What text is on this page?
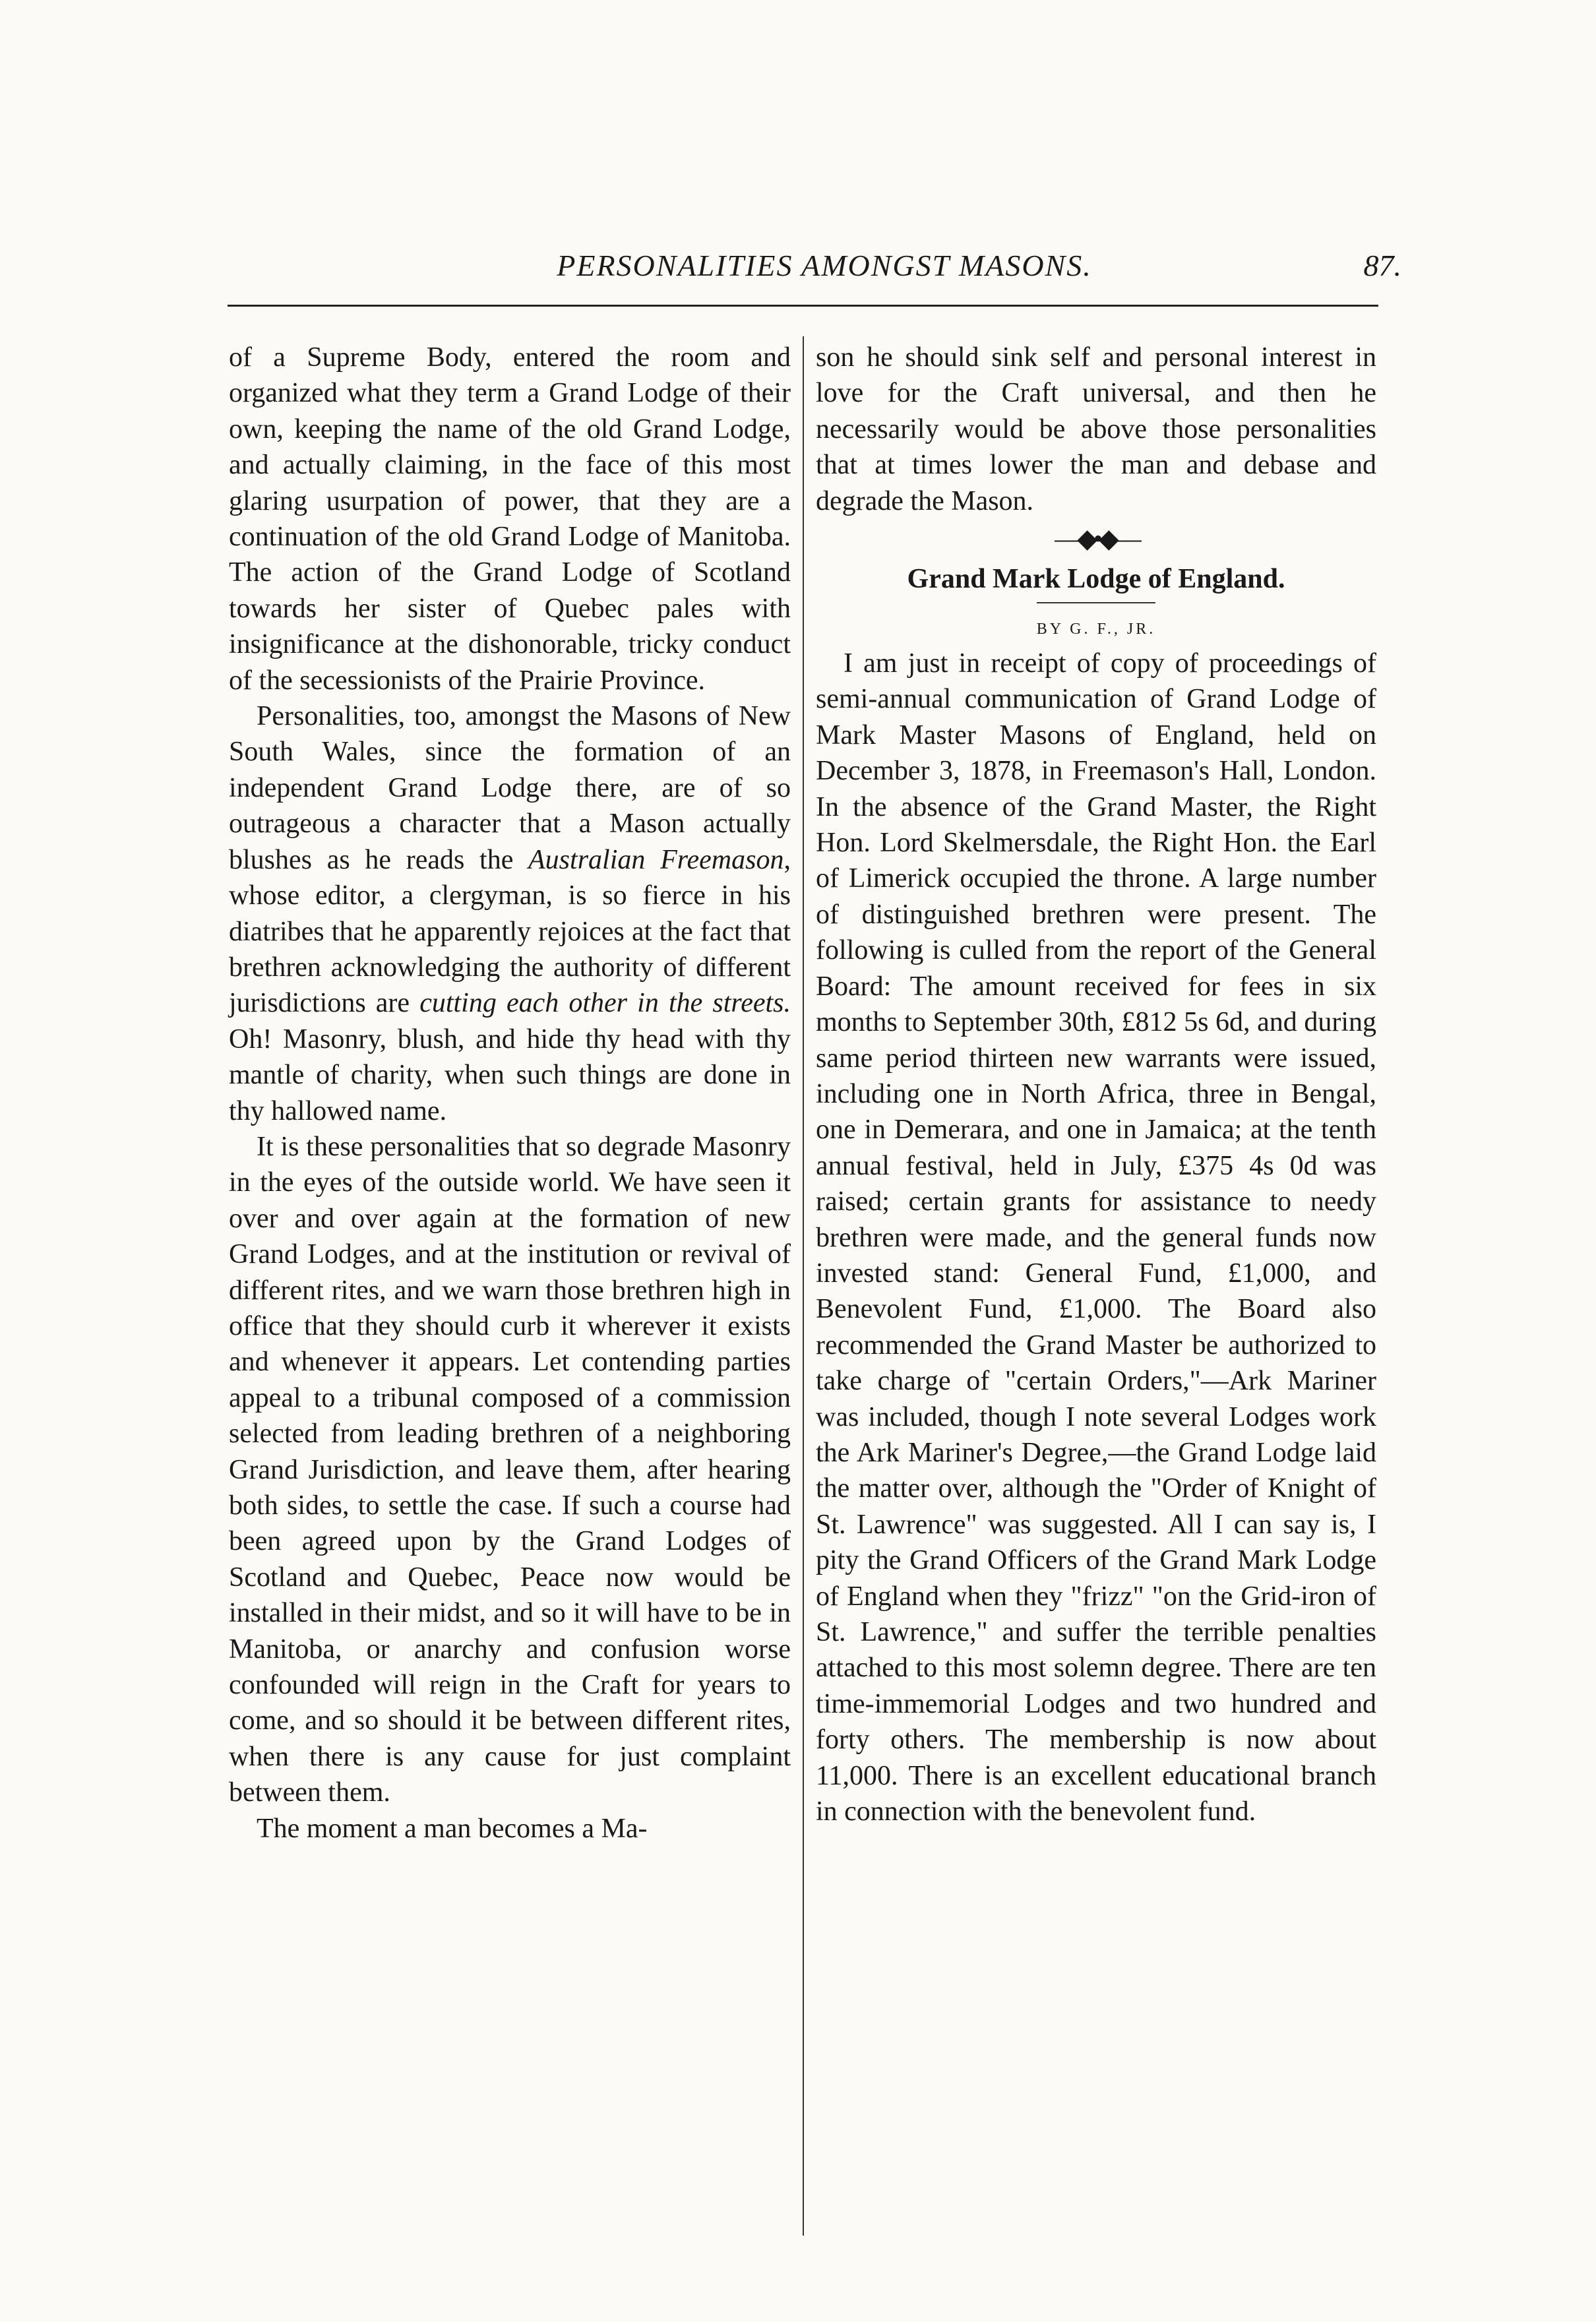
PERSONALITIES AMONGST MASONS.	87.

of a Supreme Body, entered the room and organized what they term a Grand Lodge of their own, keeping the name of the old Grand Lodge, and actually claiming, in the face of this most glaring usurpation of power, that they are a continuation of the old Grand Lodge of Manitoba. The action of the Grand Lodge of Scotland towards her sister of Quebec pales with insignificance at the dishonorable, tricky conduct of the secessionists of the Prairie Province.

Personalities, too, amongst the Masons of New South Wales, since the formation of an independent Grand Lodge there, are of so outrageous a character that a Mason actually blushes as he reads the Australian Freemason, whose editor, a clergyman, is so fierce in his diatribes that he apparently rejoices at the fact that brethren acknowledging the authority of different jurisdictions are cutting each other in the streets. Oh! Masonry, blush, and hide thy head with thy mantle of charity, when such things are done in thy hallowed name.

It is these personalities that so degrade Masonry in the eyes of the outside world. We have seen it over and over again at the formation of new Grand Lodges, and at the institution or revival of different rites, and we warn those brethren high in office that they should curb it wherever it exists and whenever it appears. Let contending parties appeal to a tribunal composed of a commission selected from leading brethren of a neighboring Grand Jurisdiction, and leave them, after hearing both sides, to settle the case. If such a course had been agreed upon by the Grand Lodges of Scotland and Quebec, Peace now would be installed in their midst, and so it will have to be in Manitoba, or anarchy and confusion worse confounded will reign in the Craft for years to come, and so should it be between different rites, when there is any cause for just complaint between them.

The moment a man becomes a Ma-

son he should sink self and personal interest in love for the Craft universal, and then he necessarily would be above those personalities that at times lower the man and debase and degrade the Mason.

—◆•◆—
Grand Mark Lodge of England.
BY G. F., JR.

I am just in receipt of copy of proceedings of semi-annual communication of Grand Lodge of Mark Master Masons of England, held on December 3, 1878, in Freemason's Hall, London. In the absence of the Grand Master, the Right Hon. Lord Skelmersdale, the Right Hon. the Earl of Limerick occupied the throne. A large number of distinguished brethren were present. The following is culled from the report of the General Board: The amount received for fees in six months to September 30th, £812 5s 6d, and during same period thirteen new warrants were issued, including one in North Africa, three in Bengal, one in Demerara, and one in Jamaica; at the tenth annual festival, held in July, £375 4s 0d was raised; certain grants for assistance to needy brethren were made, and the general funds now invested stand: General Fund, £1,000, and Benevolent Fund, £1,000. The Board also recommended the Grand Master be authorized to take charge of "certain Orders,"—Ark Mariner was included, though I note several Lodges work the Ark Mariner's Degree,—the Grand Lodge laid the matter over, although the "Order of Knight of St. Lawrence" was suggested. All I can say is, I pity the Grand Officers of the Grand Mark Lodge of England when they "frizz" "on the Grid-iron of St. Lawrence," and suffer the terrible penalties attached to this most solemn degree. There are ten time-immemorial Lodges and two hundred and forty others. The membership is now about 11,000. There is an excellent educational branch in connection with the benevolent fund.
